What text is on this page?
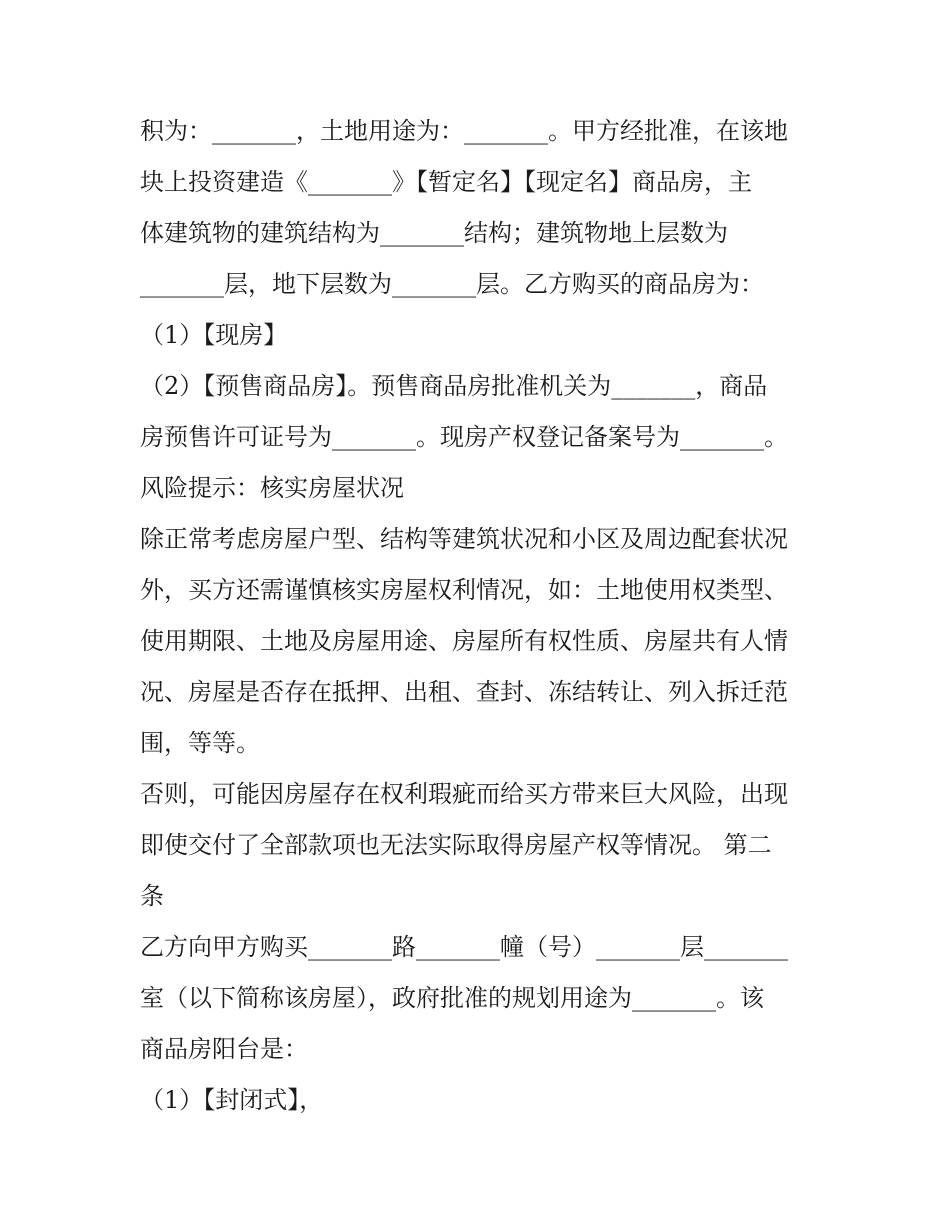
积为：_______，土地用途为：_______。甲方经批准，在该地
块上投资建造《_______》【暂定名】【现定名】商品房，主
体建筑物的建筑结构为_______结构；建筑物地上层数为
_______层，地下层数为_______层。乙方购买的商品房为：
（1）【现房】
（2）【预售商品房】。预售商品房批准机关为_______，商品
房预售许可证号为_______。现房产权登记备案号为_______。
风险提示：核实房屋状况
除正常考虑房屋户型、结构等建筑状况和小区及周边配套状况
外，买方还需谨慎核实房屋权利情况，如：土地使用权类型、
使用期限、土地及房屋用途、房屋所有权性质、房屋共有人情
况、房屋是否存在抵押、出租、查封、冻结转让、列入拆迁范
围，等等。
否则，可能因房屋存在权利瑕疵而给买方带来巨大风险，出现
即使交付了全部款项也无法实际取得房屋产权等情况。 第二
条
乙方向甲方购买_______路_______幢（号）_______层_______
室（以下简称该房屋），政府批准的规划用途为_______。该
商品房阳台是：
（1）【封闭式】，
